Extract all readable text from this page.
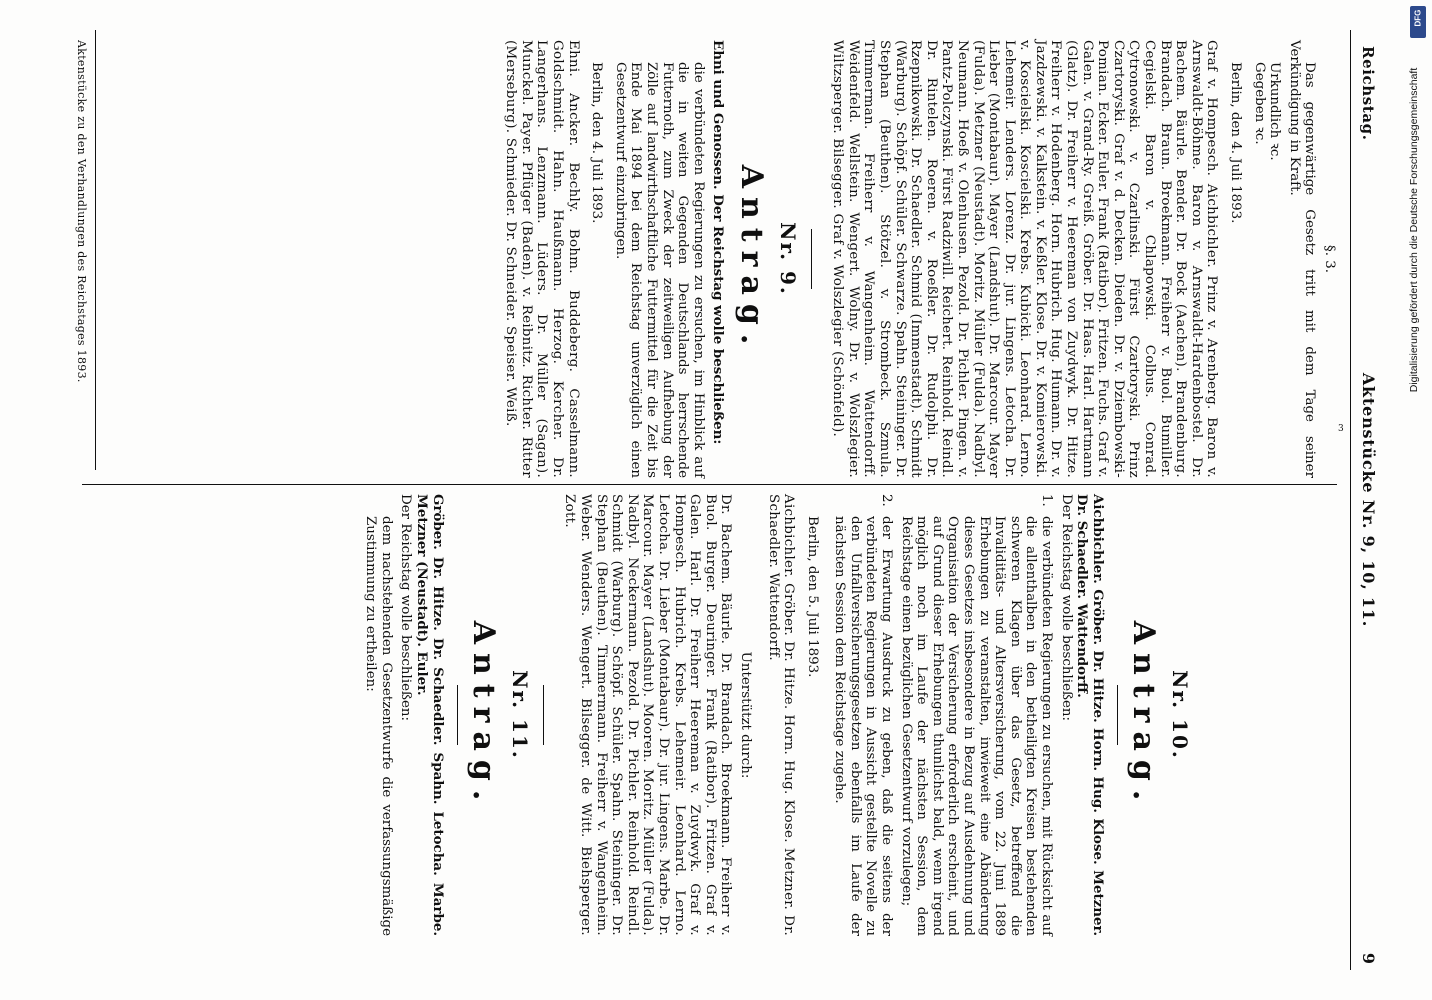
Reichstag.
Aktenstücke Nr. 9, 10, 11.
9

§. 3.

Das gegenwärtige Gesetz tritt mit dem Tage seiner Verkündigung in Kraft.

Urkundlich ꝛc.

Gegeben ꝛc.

Berlin, den 4. Juli 1893.

Graf v. Hompesch. Aichbichler. Prinz v. Arenberg. Baron v. Arnswaldt-Böhme. Baron v. Arnswaldt-Hardenbostel. Dr. Bachem. Bäurle. Bender. Dr. Bock (Aachen). Brandenburg. Brandach. Braun. Broekmann. Freiherr v. Buol. Bumiller. Cegielski. Baron v. Chlapowski. Colbus. Conrad. Cytronowski. v. Czarlinski. Fürst Czartoryski. Prinz Czartoryski. Graf v. d. Decken. Dieden. Dr. v. Dziembowski-Pomian. Ecker. Euler. Frank (Ratibor). Fritzen. Fuchs. Graf v. Galen. v. Grand-Ry. Greiß. Gröber. Dr. Haas. Harl. Hartmann (Glatz). Dr. Freiherr v. Heereman von Zuydwyk. Dr. Hitze. Freiherr v. Hodenberg. Horn. Hubrich. Hug. Humann. Dr. v. Jazdzewski. v. Kalkstein. v. Keßler. Klose. Dr. v. Komierowski. v. Koscielski. Koscielski. Krebs. Kubicki. Leonhard. Lerno. Lehemeir. Lenders. Lorenz. Dr. jur. Lingens. Letocha. Dr. Lieber (Montabaur). Mayer (Landshut). Dr. Marcour. Mayer (Fulda). Metzner (Neustadt). Moritz. Müller (Fulda). Nadbyl. Neumann. Hoeß v. Olenhusen. Pezold. Dr. Pichler. Pingen. v. Pantz-Polczynski. Fürst Radziwill. Reichert. Reinhold. Reindl. Dr. Rintelen. Roeren. v. Roeßler. Dr. Rudolphi. Dr. Rzepnikowski. Dr. Schaedler. Schmid (Immenstadt). Schmidt (Warburg). Schöpf. Schüler. Schwarze. Spahn. Steininger. Dr. Stephan (Beuthen). Stötzel. v. Strombeck. Szmula. Timmerman. Freiherr v. Wangenheim. Wattendorff. Weidenfeld. Wellstein. Wengert. Wolny. Dr. v. Wolszlegier. Wiltzsperger. Bilsegger. Graf v. Wolszlegier (Schönfeld).

Nr. 9.

Antrag.

Ehni und Genossen. Der Reichstag wolle beschließen:

die verbündeten Regierungen zu ersuchen, im Hinblick auf die in weiten Gegenden Deutschlands herrschende Futternoth, zum Zweck der zeitweiligen Aufhebung der Zölle auf landwirthschaftliche Futtermittel für die Zeit bis Ende Mai 1894 bei dem Reichstag unverzüglich einen Gesetzentwurf einzubringen.

Berlin, den 4. Juli 1893.

Ehni. Ancker. Bechly. Bohm. Buddeberg. Casselmann. Goldschmidt. Hahn. Haußmann. Herzog. Kercher. Dr. Langerhans. Lenzmann. Lüders. Dr. Müller (Sagan). Munckel. Payer. Pflüger (Baden). v. Reibnitz. Richter. Ritter (Merseburg). Schmieder. Dr. Schneider. Speiser. Weiß.

Nr. 10.

Antrag.

Aichbichler. Gröber. Dr. Hitze. Horn. Hug. Klose. Metzner. Dr. Schaedler. Wattendorff.

Der Reichstag wolle beschließen:

1.
die verbündeten Regierungen zu ersuchen, mit Rücksicht auf die allenthalben in den betheiligten Kreisen bestehenden schweren Klagen über das Gesetz, betreffend die Invaliditäts- und Altersversicherung, vom 22. Juni 1889 Erhebungen zu veranstalten, inwieweit eine Abänderung dieses Gesetzes insbesondere in Bezug auf Ausdehnung und Organisation der Versicherung erforderlich erscheint, und auf Grund dieser Erhebungen thunlichst bald, wenn irgend möglich noch im Laufe der nächsten Session, dem Reichstage einen bezüglichen Gesetzentwurf vorzulegen;
2.
der Erwartung Ausdruck zu geben, daß die seitens der verbündeten Regierungen in Aussicht gestellte Novelle zu den Unfallversicherungsgesetzen ebenfalls im Laufe der nächsten Session dem Reichstage zugehe.

Berlin, den 5. Juli 1893.

Aichbichler. Gröber. Dr. Hitze. Horn. Hug. Klose. Metzner. Dr. Schaedler. Wattendorff.

Unterstützt durch:

Dr. Bachem. Bäurle. Dr. Brandach. Broekmann. Freiherr v. Buol. Burger. Deuringer. Frank (Ratibor). Fritzen. Graf v. Galen. Harl. Dr. Freiherr Heereman v. Zuydwyk. Graf v. Hompesch. Hubrich. Krebs. Lehemeir. Leonhard. Lerno. Letocha. Dr. Lieber (Montabaur). Dr. jur. Lingens. Marbe. Dr. Marcour. Mayer (Landshut). Mooren. Moritz. Müller (Fulda). Nadbyl. Neckermann. Pezold. Dr. Pichler. Reinhold. Reindl. Schmidt (Warburg). Schöpf. Schüler. Spahn. Steininger. Dr. Stephan (Beuthen). Timmermann. Freiherr v. Wangenheim. Weber. Wenders. Wengert. Bilsegger. de Witt. Biehsperger. Zott.

Nr. 11.

Antrag.

Gröber. Dr. Hitze. Dr. Schaedler. Spahn. Letocha. Marbe. Metzner (Neustadt). Euler.

Der Reichstag wolle beschließen:

dem nachstehenden Gesetzentwurfe die verfassungsmäßige Zustimmung zu ertheilen:

Aktenstücke zu den Verhandlungen des Reichstages 1893.
3
DFG
Digitalisierung gefördert durch die Deutsche Forschungsgemeinschaft
